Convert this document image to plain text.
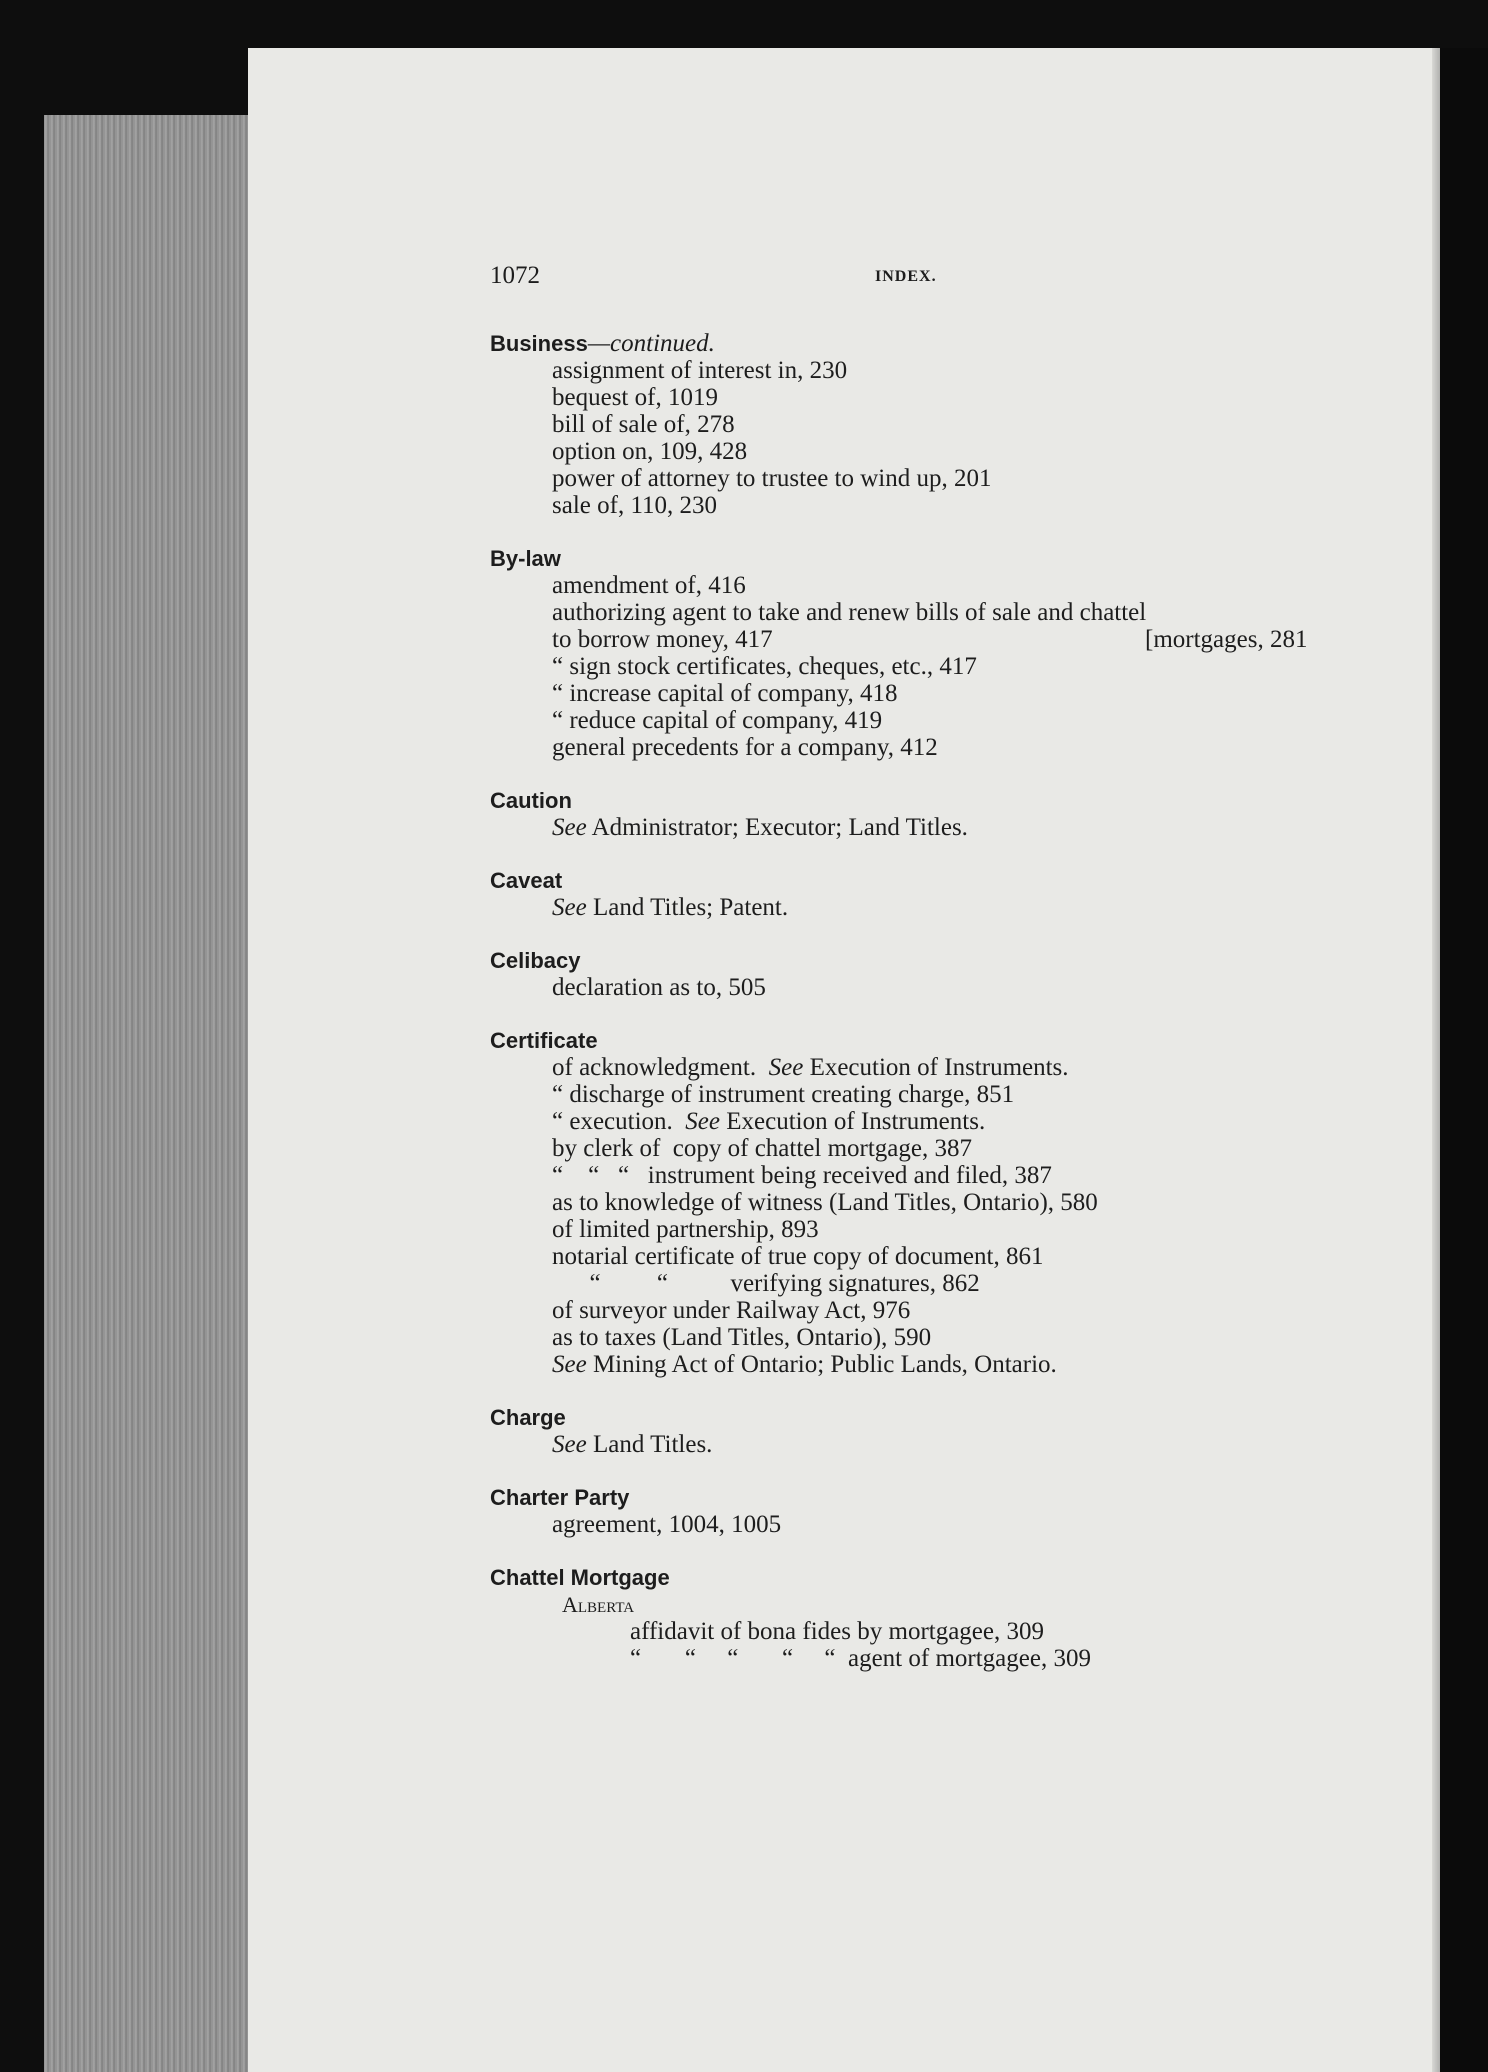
1072	INDEX.
Business—continued.
assignment of interest in, 230
bequest of, 1019
bill of sale of, 278
option on, 109, 428
power of attorney to trustee to wind up, 201
sale of, 110, 230
By-law
amendment of, 416
authorizing agent to take and renew bills of sale and chattel
to borrow money, 417	[mortgages, 281
“ sign stock certificates, cheques, etc., 417
“ increase capital of company, 418
“ reduce capital of company, 419
general precedents for a company, 412
Caution
See Administrator; Executor; Land Titles.
Caveat
See Land Titles; Patent.
Celibacy
declaration as to, 505
Certificate
of acknowledgment.  See Execution of Instruments.
“ discharge of instrument creating charge, 851
“ execution.  See Execution of Instruments.
by clerk of  copy of chattel mortgage, 387
“    “   “   instrument being received and filed, 387
as to knowledge of witness (Land Titles, Ontario), 580
of limited partnership, 893
notarial certificate of true copy of document, 861
“         “          verifying signatures, 862
of surveyor under Railway Act, 976
as to taxes (Land Titles, Ontario), 590
See Mining Act of Ontario; Public Lands, Ontario.
Charge
See Land Titles.
Charter Party
agreement, 1004, 1005
Chattel Mortgage
Alberta
affidavit of bona fides by mortgagee, 309
“       “     “       “     “  agent of mortgagee, 309
